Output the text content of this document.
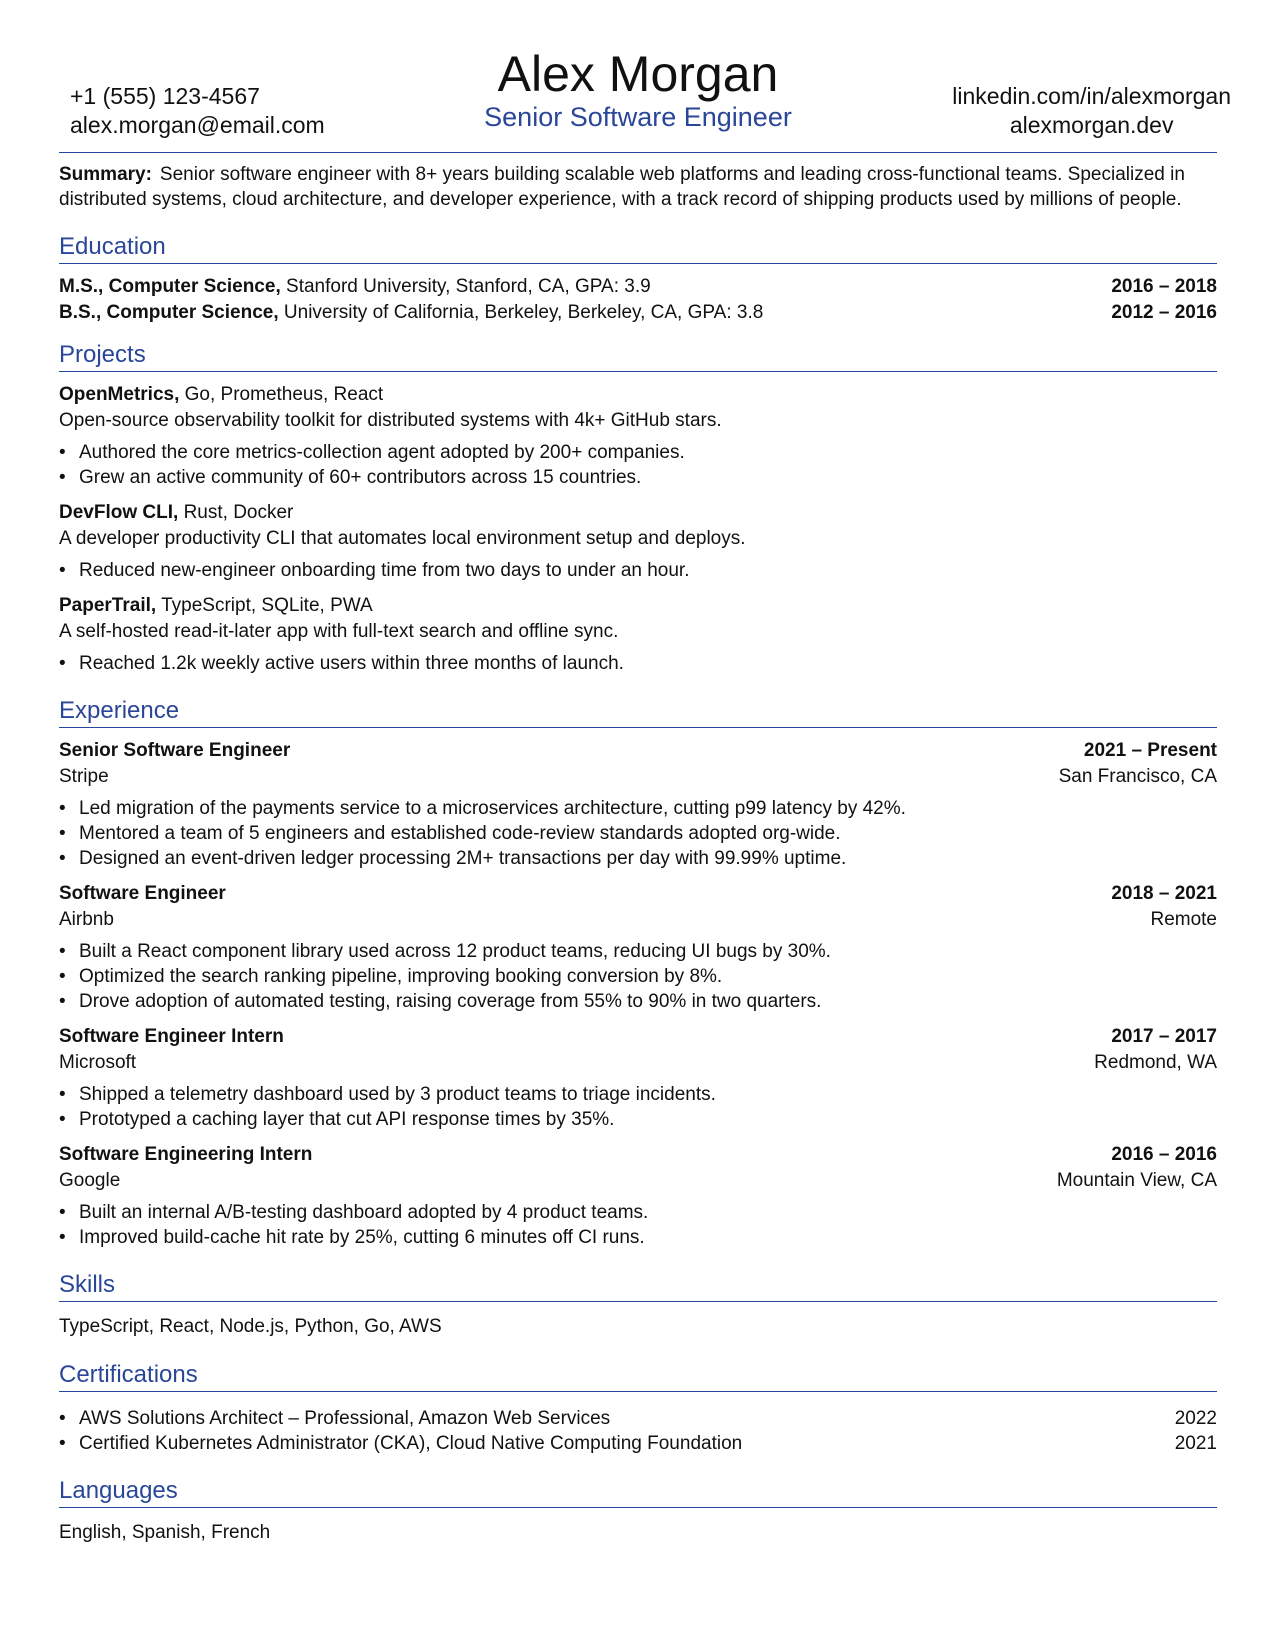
+1 (555) 123-4567
alex.morgan@email.com
Alex Morgan
Senior Software Engineer
linkedin.com/in/alexmorgan
alexmorgan.dev
Summary: Senior software engineer with 8+ years building scalable web platforms and leading cross-functional teams. Specialized in distributed systems, cloud architecture, and developer experience, with a track record of shipping products used by millions of people.
Education
M.S., Computer Science, Stanford University, Stanford, CA, GPA: 3.9	2016 – 2018
B.S., Computer Science, University of California, Berkeley, Berkeley, CA, GPA: 3.8	2012 – 2016
Projects
OpenMetrics, Go, Prometheus, React
Open-source observability toolkit for distributed systems with 4k+ GitHub stars.
• Authored the core metrics-collection agent adopted by 200+ companies.
• Grew an active community of 60+ contributors across 15 countries.
DevFlow CLI, Rust, Docker
A developer productivity CLI that automates local environment setup and deploys.
• Reduced new-engineer onboarding time from two days to under an hour.
PaperTrail, TypeScript, SQLite, PWA
A self-hosted read-it-later app with full-text search and offline sync.
• Reached 1.2k weekly active users within three months of launch.
Experience
Senior Software Engineer	2021 – Present
Stripe	San Francisco, CA
• Led migration of the payments service to a microservices architecture, cutting p99 latency by 42%.
• Mentored a team of 5 engineers and established code-review standards adopted org-wide.
• Designed an event-driven ledger processing 2M+ transactions per day with 99.99% uptime.
Software Engineer	2018 – 2021
Airbnb	Remote
• Built a React component library used across 12 product teams, reducing UI bugs by 30%.
• Optimized the search ranking pipeline, improving booking conversion by 8%.
• Drove adoption of automated testing, raising coverage from 55% to 90% in two quarters.
Software Engineer Intern	2017 – 2017
Microsoft	Redmond, WA
• Shipped a telemetry dashboard used by 3 product teams to triage incidents.
• Prototyped a caching layer that cut API response times by 35%.
Software Engineering Intern	2016 – 2016
Google	Mountain View, CA
• Built an internal A/B-testing dashboard adopted by 4 product teams.
• Improved build-cache hit rate by 25%, cutting 6 minutes off CI runs.
Skills
TypeScript, React, Node.js, Python, Go, AWS
Certifications
• AWS Solutions Architect – Professional, Amazon Web Services	2022
• Certified Kubernetes Administrator (CKA), Cloud Native Computing Foundation	2021
Languages
English, Spanish, French
